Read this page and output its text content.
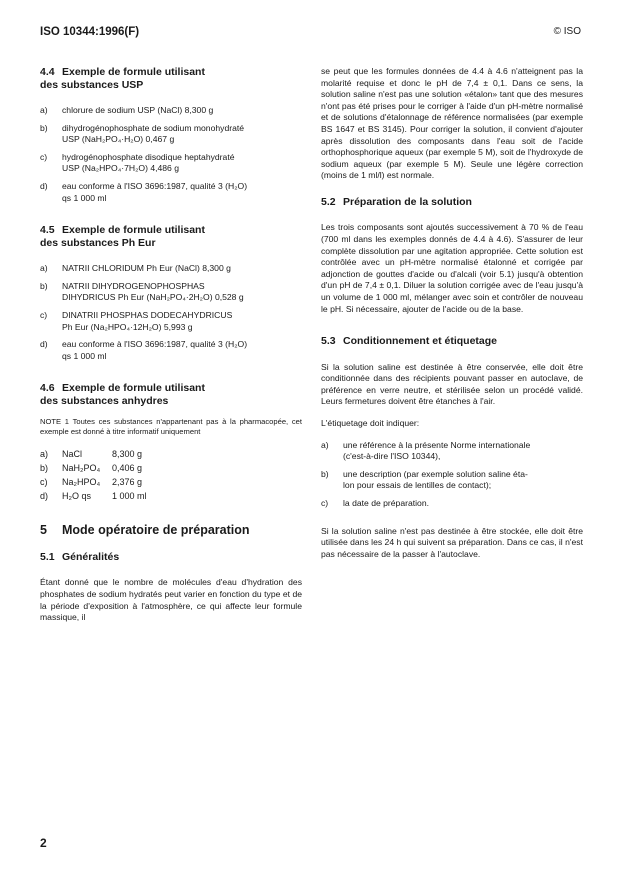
ISO 10344:1996(F)	© ISO
4.4 Exemple de formule utilisant
des substances USP
a)	chlorure de sodium USP (NaCl) 8,300 g
b)	dihydrogénophosphate de sodium monohydraté
USP (NaH₂PO₄·H₂O) 0,467 g
c)	hydrogénophosphate disodique heptahydraté
USP (Na₂HPO₄·7H₂O) 4,486 g
d)	eau conforme à l'ISO 3696:1987, qualité 3 (H₂O)
qs 1 000 ml
4.5 Exemple de formule utilisant
des substances Ph Eur
a)	NATRII CHLORIDUM Ph Eur (NaCl) 8,300 g
b)	NATRII DIHYDROGENOPHOSPHAS
DIHYDRICUS Ph Eur (NaH₂PO₄·2H₂O) 0,528 g
c)	DINATRII PHOSPHAS DODECAHYDRICUS
Ph Eur (Na₂HPO₄·12H₂O) 5,993 g
d)	eau conforme à l'ISO 3696:1987, qualité 3 (H₂O)
qs 1 000 ml
4.6 Exemple de formule utilisant
des substances anhydres
NOTE 1 Toutes ces substances n'appartenant pas à la pharmacopée, cet exemple est donné à titre informatif uniquement
a)	NaCl	8,300 g
b)	NaH₂PO₄	0,406 g
c)	Na₂HPO₄	2,376 g
d)	H₂O qs	1 000 ml
5 Mode opératoire de préparation
5.1 Généralités
Étant donné que le nombre de molécules d'eau d'hydration des phosphates de sodium hydratés peut varier en fonction du type et de la période d'exposition à l'atmosphère, ce qui affecte leur formule massique, il
se peut que les formules données de 4.4 à 4.6 n'atteignent pas la molarité requise et donc le pH de 7,4 ± 0,1. Dans ce sens, la solution saline n'est pas une solution «étalon» tant que des mesures n'ont pas été prises pour le corriger à l'aide d'un pH-mètre normalisé et de solutions d'étalonnage de référence normalisées (par exemple BS 1647 et BS 3145). Pour corriger la solution, il convient d'ajouter après dissolution des composants dans l'eau soit de l'acide orthophosphorique aqueux (par exemple 5 M), soit de l'hydroxyde de sodium aqueux (par exemple 5 M). Seule une légère correction (moins de 1 ml/l) est normale.
5.2 Préparation de la solution
Les trois composants sont ajoutés successivement à 70 % de l'eau (700 ml dans les exemples donnés de 4.4 à 4.6). S'assurer de leur complète dissolution par une agitation appropriée. Cette solution est contrôlée avec un pH-mètre normalisé étalonné et corrigée par adjonction de gouttes d'acide ou d'alcali (voir 5.1) jusqu'à obtention d'un pH de 7,4 ± 0,1. Diluer la solution corrigée avec de l'eau jusqu'à un volume de 1 000 ml, mélanger avec soin et contrôler de nouveau le pH. Si nécessaire, ajouter de l'acide ou de la base.
5.3 Conditionnement et étiquetage
Si la solution saline est destinée à être conservée, elle doit être conditionnée dans des récipients pouvant passer en autoclave, de préférence en verre neutre, et stérilisée selon un procédé validé. Leurs fermetures doivent être étanches à l'air.
L'étiquetage doit indiquer:
a)	une référence à la présente Norme internationale
(c'est-à-dire l'ISO 10344),
b)	une description (par exemple solution saline éta-
lon pour essais de lentilles de contact);
c)	la date de préparation.
Si la solution saline n'est pas destinée à être stockée, elle doit être utilisée dans les 24 h qui suivent sa préparation. Dans ce cas, il n'est pas nécessaire de la passer à l'autoclave.
2
